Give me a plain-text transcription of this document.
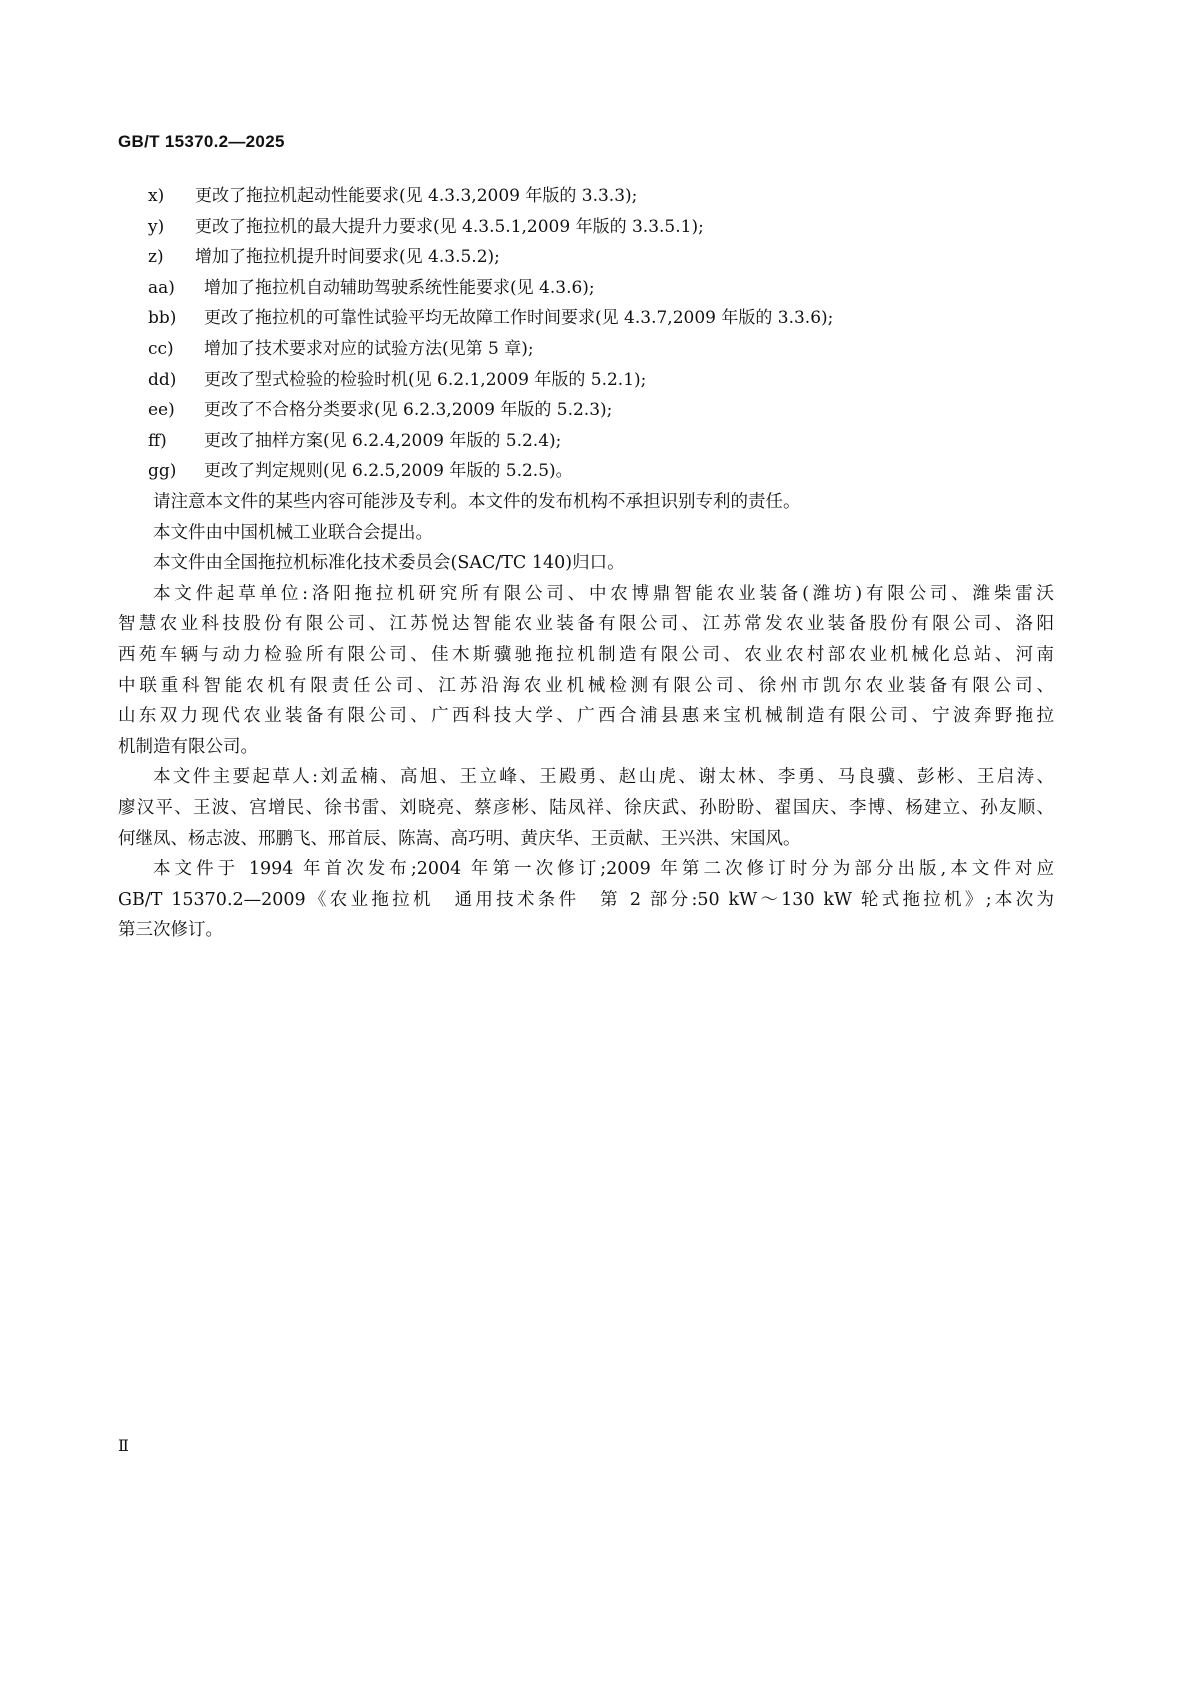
GB/T 15370.2—2025
x) 更改了拖拉机起动性能要求(见 4.3.3,2009 年版的 3.3.3);
y) 更改了拖拉机的最大提升力要求(见 4.3.5.1,2009 年版的 3.3.5.1);
z) 增加了拖拉机提升时间要求(见 4.3.5.2);
aa) 增加了拖拉机自动辅助驾驶系统性能要求(见 4.3.6);
bb) 更改了拖拉机的可靠性试验平均无故障工作时间要求(见 4.3.7,2009 年版的 3.3.6);
cc) 增加了技术要求对应的试验方法(见第 5 章);
dd) 更改了型式检验的检验时机(见 6.2.1,2009 年版的 5.2.1);
ee) 更改了不合格分类要求(见 6.2.3,2009 年版的 5.2.3);
ff) 更改了抽样方案(见 6.2.4,2009 年版的 5.2.4);
gg) 更改了判定规则(见 6.2.5,2009 年版的 5.2.5)。
请注意本文件的某些内容可能涉及专利。本文件的发布机构不承担识别专利的责任。
本文件由中国机械工业联合会提出。
本文件由全国拖拉机标准化技术委员会(SAC/TC 140)归口。
本文件起草单位:洛阳拖拉机研究所有限公司、中农博鼎智能农业装备(潍坊)有限公司、潍柴雷沃
智慧农业科技股份有限公司、江苏悦达智能农业装备有限公司、江苏常发农业装备股份有限公司、洛阳
西苑车辆与动力检验所有限公司、佳木斯骥驰拖拉机制造有限公司、农业农村部农业机械化总站、河南
中联重科智能农机有限责任公司、江苏沿海农业机械检测有限公司、徐州市凯尔农业装备有限公司、
山东双力现代农业装备有限公司、广西科技大学、广西合浦县惠来宝机械制造有限公司、宁波奔野拖拉
机制造有限公司。
本文件主要起草人:刘孟楠、高旭、王立峰、王殿勇、赵山虎、谢太林、李勇、马良骥、彭彬、王启涛、
廖汉平、王波、宫增民、徐书雷、刘晓亮、蔡彦彬、陆凤祥、徐庆武、孙盼盼、翟国庆、李博、杨建立、孙友顺、
何继凤、杨志波、邢鹏飞、邢首辰、陈嵩、高巧明、黄庆华、王贡献、王兴洪、宋国风。
本文件于 1994 年首次发布;2004 年第一次修订;2009 年第二次修订时分为部分出版,本文件对应
GB/T 15370.2—2009《农业拖拉机　通用技术条件　第 2 部分:50 kW～130 kW 轮式拖拉机》;本次为
第三次修订。
Ⅱ
